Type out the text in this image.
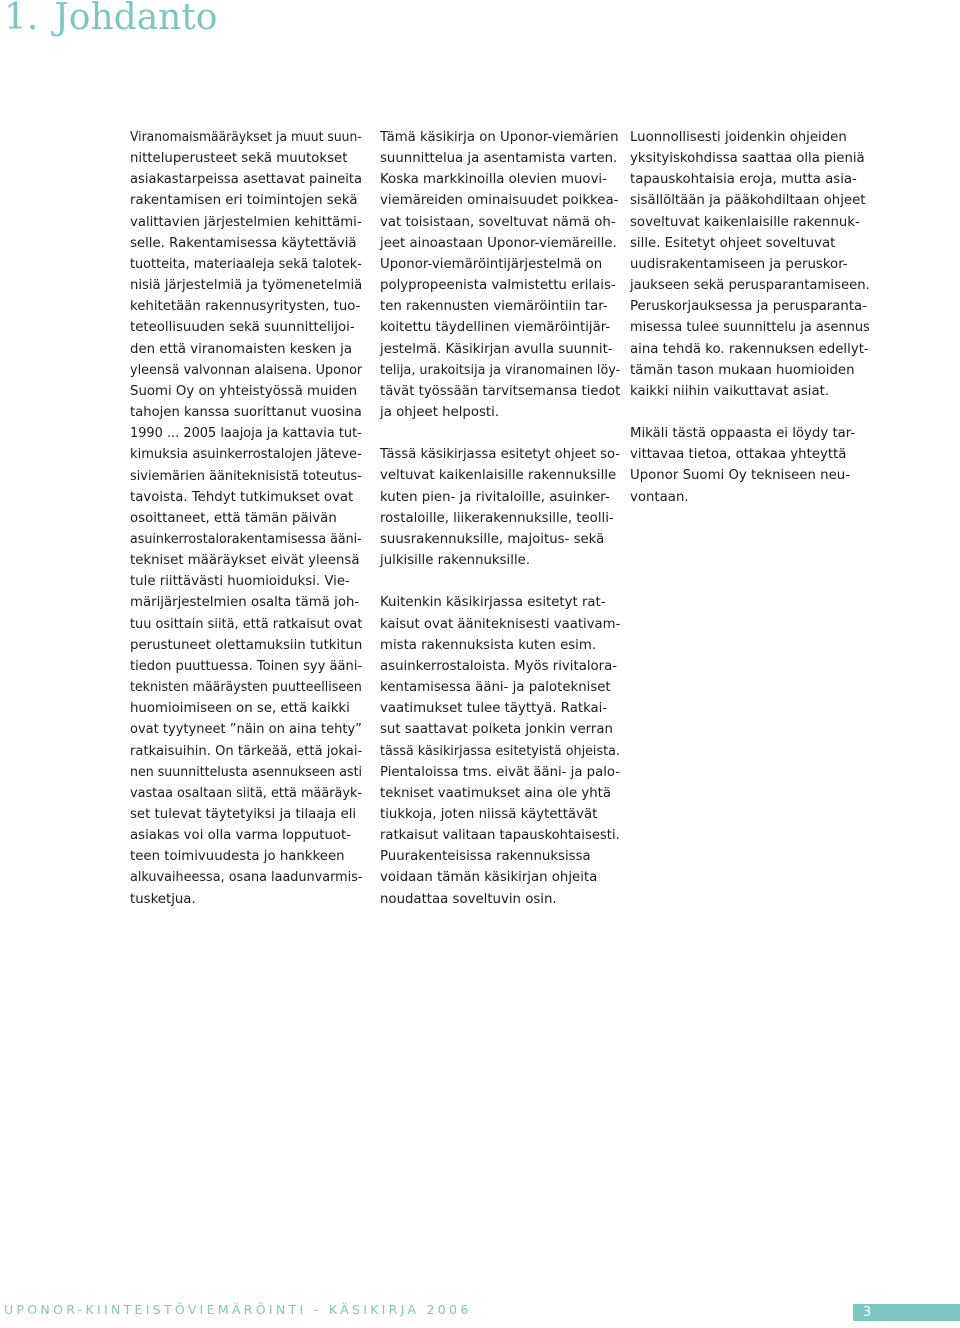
1. Johdanto

Viranomaismääräykset ja muut suun-
nitteluperusteet sekä muutokset
asiakastarpeissa asettavat paineita
rakentamisen eri toimintojen sekä
valittavien järjestelmien kehittämi-
selle. Rakentamisessa käytettäviä
tuotteita, materiaaleja sekä talotek-
nisiä järjestelmiä ja työmenetelmiä
kehitetään rakennusyritysten, tuo-
teteollisuuden sekä suunnittelijoi-
den että viranomaisten kesken ja
yleensä valvonnan alaisena. Uponor
Suomi Oy on yhteistyössä muiden
tahojen kanssa suorittanut vuosina
1990 ... 2005 laajoja ja kattavia tut-
kimuksia asuinkerrostalojen jäteve-
siviemärien ääniteknisistä toteutus-
tavoista. Tehdyt tutkimukset ovat
osoittaneet, että tämän päivän
asuinkerrostalorakentamisessa ääni-
tekniset määräykset eivät yleensä
tule riittävästi huomioiduksi. Vie-
märijärjestelmien osalta tämä joh-
tuu osittain siitä, että ratkaisut ovat
perustuneet olettamuksiin tutkitun
tiedon puuttuessa. Toinen syy ääni-
teknisten määräysten puutteelliseen
huomioimiseen on se, että kaikki
ovat tyytyneet ”näin on aina tehty”
ratkaisuihin. On tärkeää, että jokai-
nen suunnittelusta asennukseen asti
vastaa osaltaan siitä, että määräyk-
set tulevat täytetyiksi ja tilaaja eli
asiakas voi olla varma lopputuot-
teen toimivuudesta jo hankkeen
alkuvaiheessa, osana laadunvarmis-
tusketjua.

Tämä käsikirja on Uponor-viemärien
suunnittelua ja asentamista varten.
Koska markkinoilla olevien muovi-
viemäreiden ominaisuudet poikkea-
vat toisistaan, soveltuvat nämä oh-
jeet ainoastaan Uponor-viemäreille.
Uponor-viemäröintijärjestelmä on
polypropeenista valmistettu erilais-
ten rakennusten viemäröintiin tar-
koitettu täydellinen viemäröintijär-
jestelmä. Käsikirjan avulla suunnit-
telija, urakoitsija ja viranomainen löy-
tävät työssään tarvitsemansa tiedot
ja ohjeet helposti.

Tässä käsikirjassa esitetyt ohjeet so-
veltuvat kaikenlaisille rakennuksille
kuten pien- ja rivitaloille, asuinker-
rostaloille, liikerakennuksille, teolli-
suusrakennuksille, majoitus- sekä
julkisille rakennuksille.

Kuitenkin käsikirjassa esitetyt rat-
kaisut ovat ääniteknisesti vaativam-
mista rakennuksista kuten esim.
asuinkerrostaloista. Myös rivitalora-
kentamisessa ääni- ja palotekniset
vaatimukset tulee täyttyä. Ratkai-
sut saattavat poiketa jonkin verran
tässä käsikirjassa esitetyistä ohjeista.
Pientaloissa tms. eivät ääni- ja palo-
tekniset vaatimukset aina ole yhtä
tiukkoja, joten niissä käytettävät
ratkaisut valitaan tapauskohtaisesti.
Puurakenteisissa rakennuksissa
voidaan tämän käsikirjan ohjeita
noudattaa soveltuvin osin.

Luonnollisesti joidenkin ohjeiden
yksityiskohdissa saattaa olla pieniä
tapauskohtaisia eroja, mutta asia-
sisällöltään ja pääkohdiltaan ohjeet
soveltuvat kaikenlaisille rakennuk-
sille. Esitetyt ohjeet soveltuvat
uudisrakentamiseen ja peruskor-
jaukseen sekä perusparantamiseen.
Peruskorjauksessa ja perusparanta-
misessa tulee suunnittelu ja asennus
aina tehdä ko. rakennuksen edellyt-
tämän tason mukaan huomioiden
kaikki niihin vaikuttavat asiat.

Mikäli tästä oppaasta ei löydy tar-
vittavaa tietoa, ottakaa yhteyttä
Uponor Suomi Oy tekniseen neu-
vontaan.

UPONOR-KIINTEISTÖVIEMÄRÖINTI - KÄSIKIRJA 2006	3
